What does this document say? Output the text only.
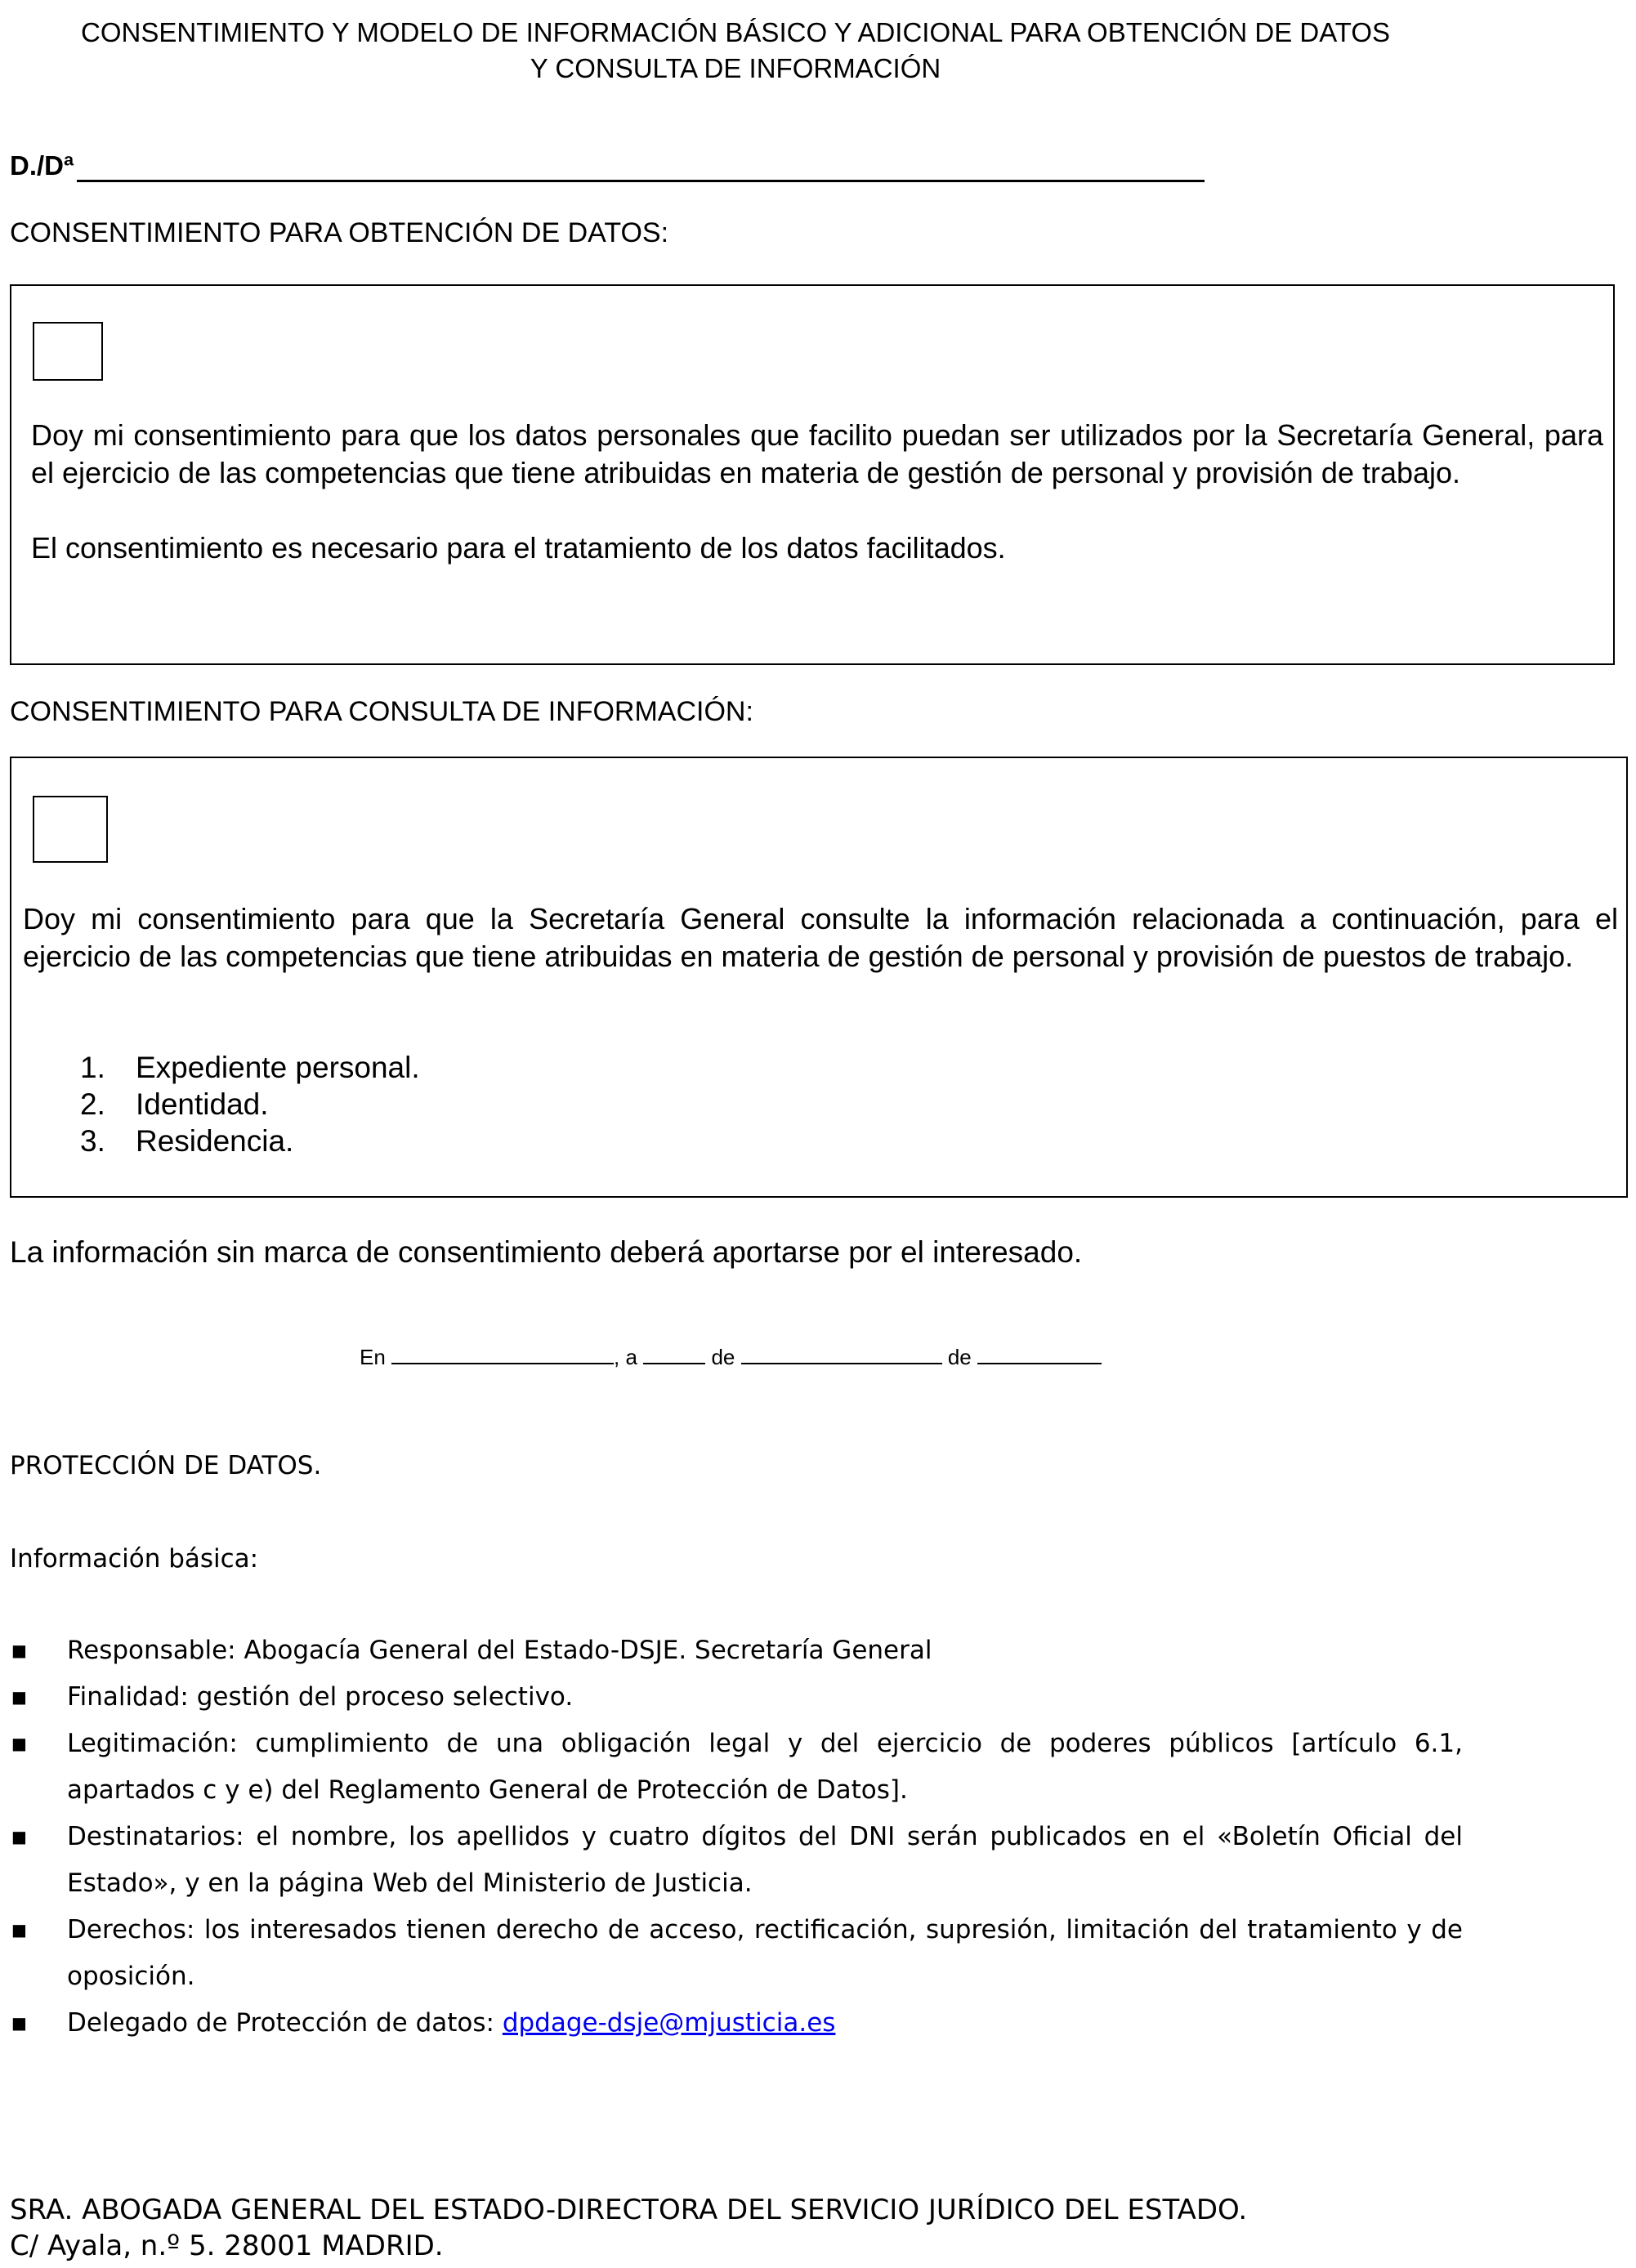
CONSENTIMIENTO Y MODELO DE INFORMACIÓN BÁSICO Y ADICIONAL PARA OBTENCIÓN DE DATOS
Y CONSULTA DE INFORMACIÓN
D./Dª
CONSENTIMIENTO PARA OBTENCIÓN DE DATOS:
Doy mi consentimiento para que los datos personales que facilito puedan ser utilizados por la Secretaría General, para el ejercicio de las competencias que tiene atribuidas en materia de gestión de personal y provisión de trabajo.
El consentimiento es necesario para el tratamiento de los datos facilitados.
CONSENTIMIENTO PARA CONSULTA DE INFORMACIÓN:
Doy mi consentimiento para que la Secretaría General consulte la información relacionada a continuación, para el ejercicio de las competencias que tiene atribuidas en materia de gestión de personal y provisión de puestos de trabajo.
1. Expediente personal.
2. Identidad.
3. Residencia.
La información sin marca de consentimiento deberá aportarse por el interesado.
En	, a	de	de
PROTECCIÓN DE DATOS.
Información básica:
■ Responsable: Abogacía General del Estado-DSJE. Secretaría General
■ Finalidad: gestión del proceso selectivo.
■ Legitimación: cumplimiento de una obligación legal y del ejercicio de poderes públicos [artículo 6.1, apartados c y e) del Reglamento General de Protección de Datos].
■ Destinatarios: el nombre, los apellidos y cuatro dígitos del DNI serán publicados en el «Boletín Oficial del Estado», y en la página Web del Ministerio de Justicia.
■ Derechos: los interesados tienen derecho de acceso, rectificación, supresión, limitación del tratamiento y de oposición.
■ Delegado de Protección de datos: dpdage-dsje@mjusticia.es
SRA. ABOGADA GENERAL DEL ESTADO-DIRECTORA DEL SERVICIO JURÍDICO DEL ESTADO.
C/ Ayala, n.º 5. 28001 MADRID.
